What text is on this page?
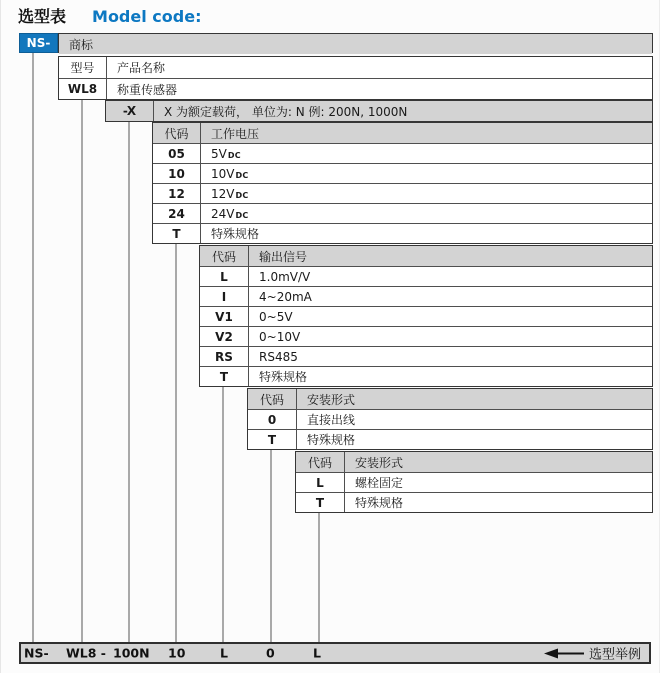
选型表 Model code:
NS-	商标
型号	产品名称
WL8	称重传感器
-X	X 为额定载荷， 单位为: N 例: 200N, 1000N
代码	工作电压
05	5VDC
10	10VDC
12	12VDC
24	24VDC
T	特殊规格
代码	输出信号
L	1.0mV/V
I	4~20mA
V1	0~5V
V2	0~10V
RS	RS485
T	特殊规格
代码	安装形式
0	直接出线
T	特殊规格
代码	安装形式
L	螺栓固定
T	特殊规格
NS- WL8 - 100N 10	L	0	L	选型举例
